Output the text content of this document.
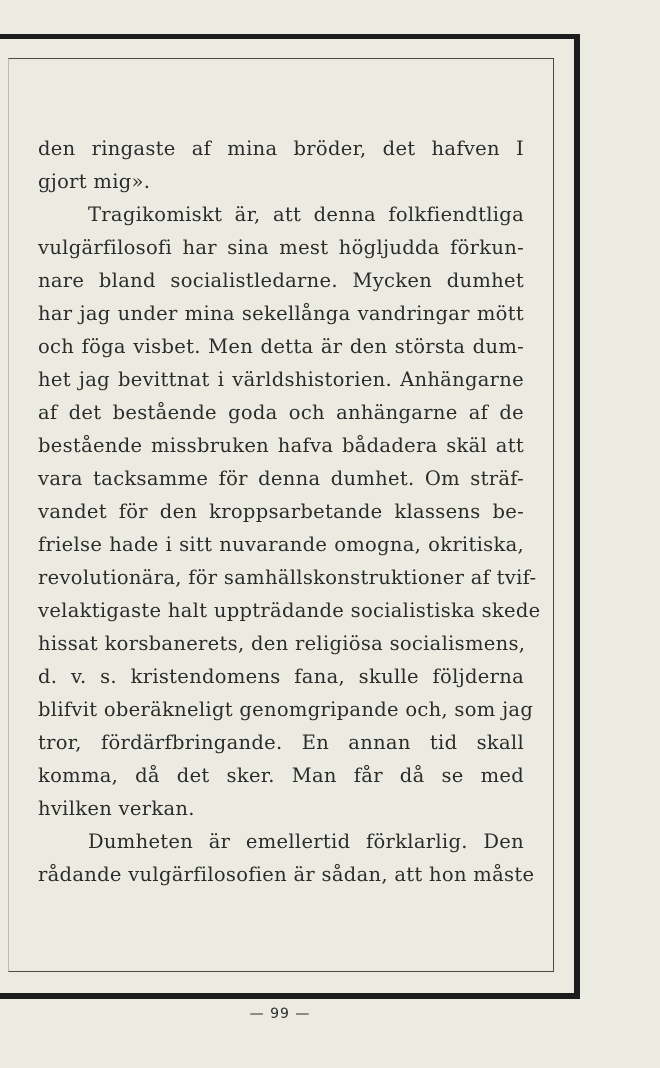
den ringaste af mina bröder, det hafven I
gjort mig».
Tragikomiskt är, att denna folkfiendtliga
vulgärfilosofi har sina mest högljudda förkun-
nare bland socialistledarne. Mycken dumhet
har jag under mina sekellånga vandringar mött
och föga visbet. Men detta är den största dum-
het jag bevittnat i världshistorien. Anhängarne
af det bestående goda och anhängarne af de
bestående missbruken hafva bådadera skäl att
vara tacksamme för denna dumhet. Om sträf-
vandet för den kroppsarbetande klassens be-
frielse hade i sitt nuvarande omogna, okritiska,
revolutionära, för samhällskonstruktioner af tvif-
velaktigaste halt uppträdande socialistiska skede
hissat korsbanerets, den religiösa socialismens,
d. v. s. kristendomens fana, skulle följderna
blifvit oberäkneligt genomgripande och, som jag
tror, fördärfbringande. En annan tid skall
komma, då det sker. Man får då se med
hvilken verkan.
Dumheten är emellertid förklarlig. Den
rådande vulgärfilosofien är sådan, att hon måste
— 99 —
